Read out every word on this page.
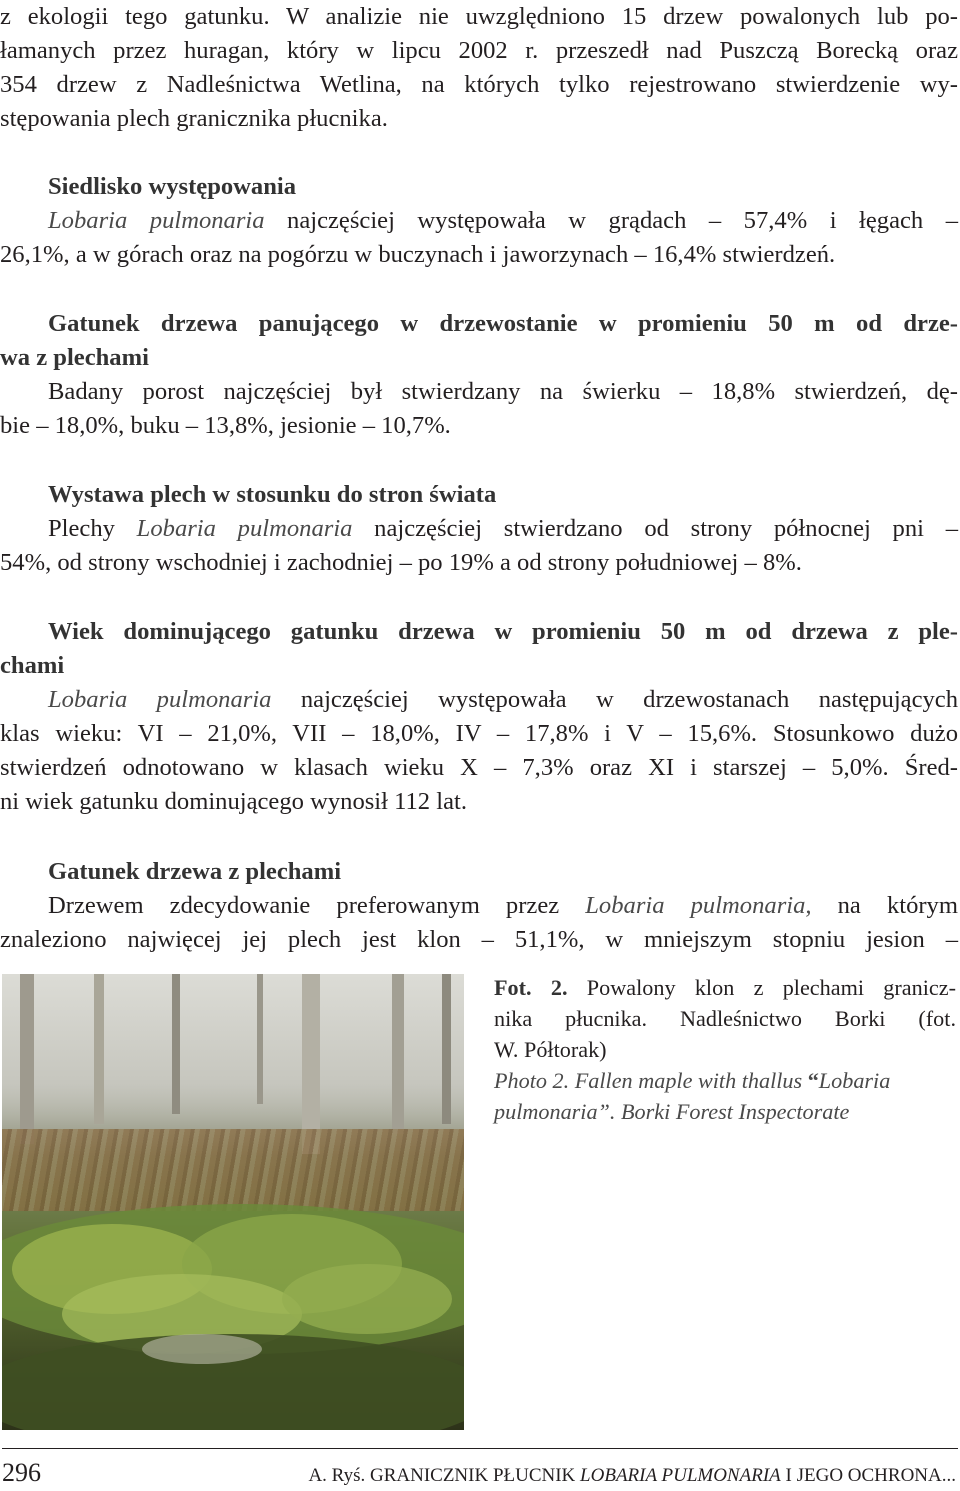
z ekologii tego gatunku. W analizie nie uwzględniono 15 drzew powalonych lub po-
łamanych przez huragan, który w lipcu 2002 r. przeszedł nad Puszczą Borecką oraz
354 drzew z Nadleśnictwa Wetlina, na których tylko rejestrowano stwierdzenie wy-
stępowania plech granicznika płucnika.
Siedlisko występowania
Lobaria pulmonaria najczęściej występowała w grądach – 57,4% i łęgach –
26,1%, a w górach oraz na pogórzu w buczynach i jaworzynach – 16,4% stwierdzeń.
Gatunek drzewa panującego w drzewostanie w promieniu 50 m od drze-
wa z plechami
Badany porost najczęściej był stwierdzany na świerku – 18,8% stwierdzeń, dę-
bie – 18,0%, buku – 13,8%, jesionie – 10,7%.
Wystawa plech w stosunku do stron świata
Plechy Lobaria pulmonaria najczęściej stwierdzano od strony północnej pni –
54%, od strony wschodniej i zachodniej – po 19% a od strony południowej – 8%.
Wiek dominującego gatunku drzewa w promieniu 50 m od drzewa z ple-
chami
Lobaria pulmonaria najczęściej występowała w drzewostanach następujących
klas wieku: VI – 21,0%, VII – 18,0%, IV – 17,8% i V – 15,6%. Stosunkowo dużo
stwierdzeń odnotowano w klasach wieku X – 7,3% oraz XI i starszej – 5,0%. Śred-
ni wiek gatunku dominującego wynosił 112 lat.
Gatunek drzewa z plechami
Drzewem zdecydowanie preferowanym przez Lobaria pulmonaria, na którym
znaleziono najwięcej jej plech jest klon – 51,1%, w mniejszym stopniu jesion –
Fot. 2. Powalony klon z plechami granicz-
nika płucnika. Nadleśnictwo Borki (fot.
W. Półtorak)
Photo 2. Fallen maple with thallus “Lobaria
pulmonaria”. Borki Forest Inspectorate
296	A. Ryś. GRANICZNIK PŁUCNIK LOBARIA PULMONARIA I JEGO OCHRONA...
